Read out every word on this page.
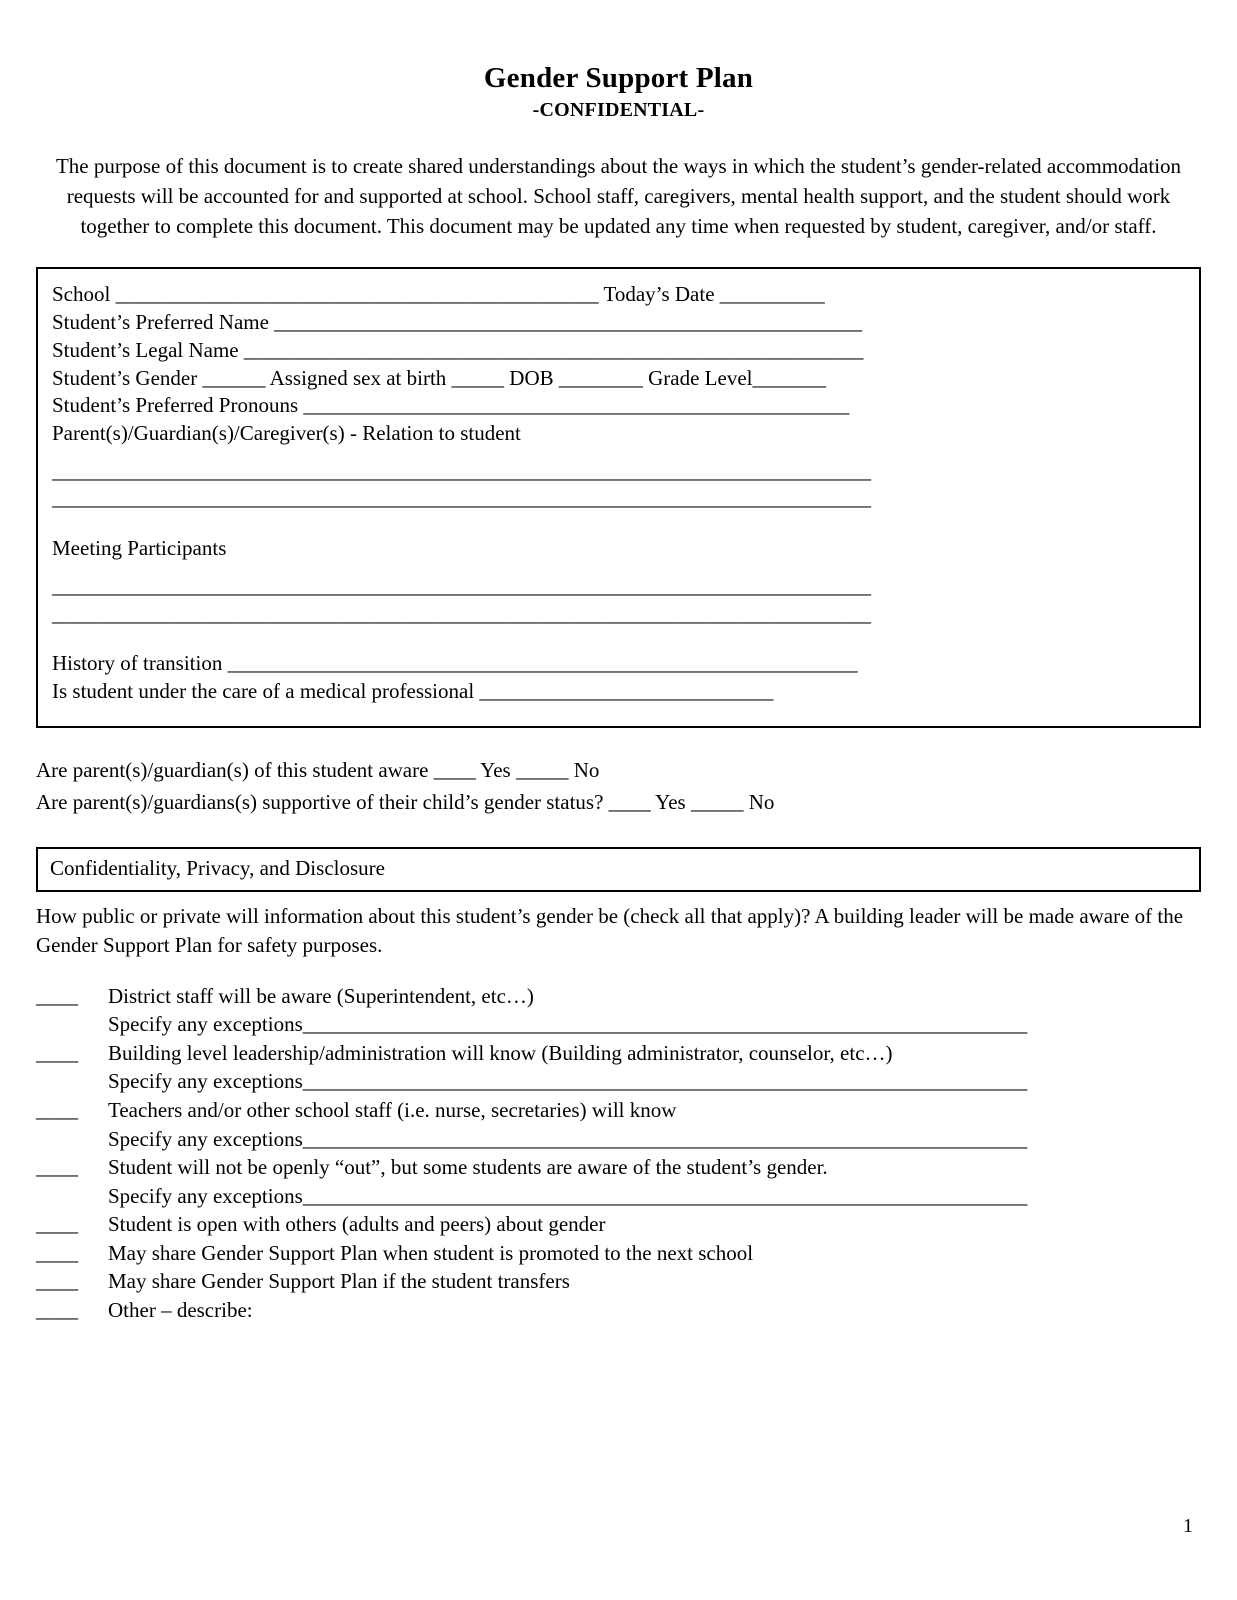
Gender Support Plan
-CONFIDENTIAL-

The purpose of this document is to create shared understandings about the ways in which the student’s gender-related accommodation requests will be accounted for and supported at school. School staff, caregivers, mental health support, and the student should work together to complete this document. This document may be updated any time when requested by student, caregiver, and/or staff.

School ______________________________________________ Today’s Date __________
Student’s Preferred Name ________________________________________________________
Student’s Legal Name ___________________________________________________________
Student’s Gender ______ Assigned sex at birth _____ DOB ________ Grade Level_______
Student’s Preferred Pronouns ____________________________________________________
Parent(s)/Guardian(s)/Caregiver(s) - Relation to student
______________________________________________________________________________
______________________________________________________________________________
Meeting Participants
______________________________________________________________________________
______________________________________________________________________________
History of transition ____________________________________________________________
Is student under the care of a medical professional ____________________________
Are parent(s)/guardian(s) of this student aware ____ Yes _____ No
Are parent(s)/guardians(s) supportive of their child’s gender status? ____ Yes _____ No
Confidentiality, Privacy, and Disclosure
How public or private will information about this student’s gender be (check all that apply)? A building leader will be made aware of the Gender Support Plan for safety purposes.
____	District staff will be aware (Superintendent, etc…)
Specify any exceptions_____________________________________________________________________
____	Building level leadership/administration will know (Building administrator, counselor, etc…)
Specify any exceptions_____________________________________________________________________
____	Teachers and/or other school staff (i.e. nurse, secretaries) will know
Specify any exceptions_____________________________________________________________________
____	Student will not be openly “out”, but some students are aware of the student’s gender.
Specify any exceptions_____________________________________________________________________
____	Student is open with others (adults and peers) about gender
____	May share Gender Support Plan when student is promoted to the next school
____	May share Gender Support Plan if the student transfers
____	Other – describe:
1
